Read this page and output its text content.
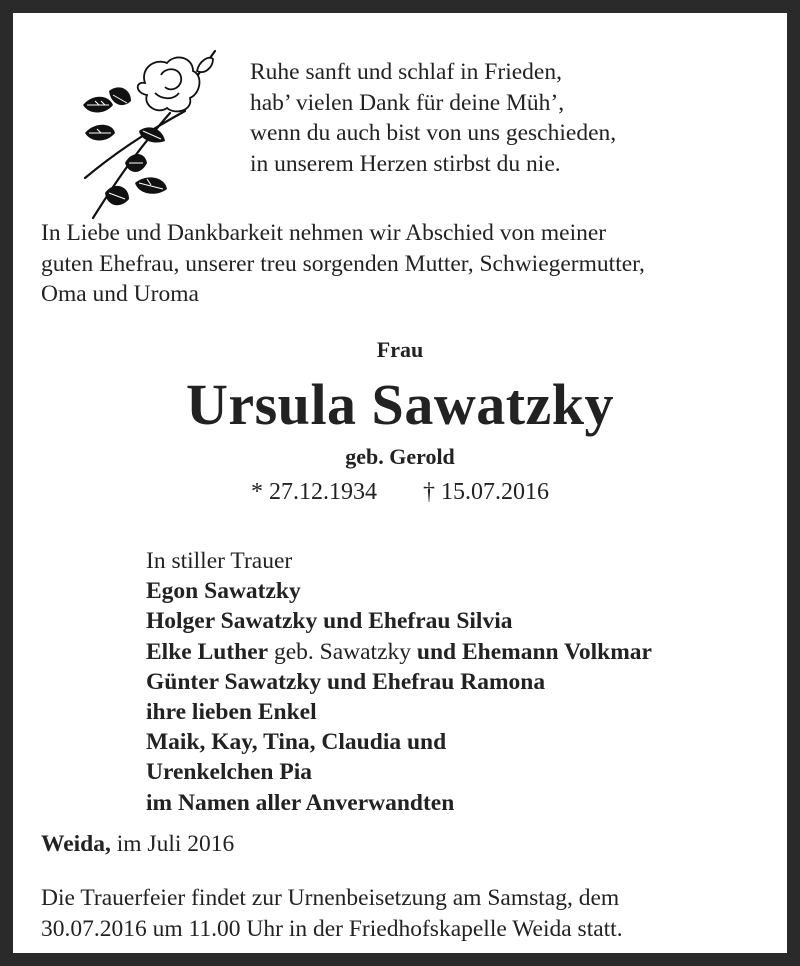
Ruhe sanft und schlaf in Frieden,
hab’ vielen Dank für deine Müh’,
wenn du auch bist von uns geschieden,
in unserem Herzen stirbst du nie.
In Liebe und Dankbarkeit nehmen wir Abschied von meiner
guten Ehefrau, unserer treu sorgenden Mutter, Schwiegermutter,
Oma und Uroma
Frau
Ursula Sawatzky
geb. Gerold
* 27.12.1934 † 15.07.2016
In stiller Trauer
Egon Sawatzky
Holger Sawatzky und Ehefrau Silvia
Elke Luther geb. Sawatzky und Ehemann Volkmar
Günter Sawatzky und Ehefrau Ramona
ihre lieben Enkel
Maik, Kay, Tina, Claudia und
Urenkelchen Pia
im Namen aller Anverwandten
Weida, im Juli 2016
Die Trauerfeier findet zur Urnenbeisetzung am Samstag, dem
30.07.2016 um 11.00 Uhr in der Friedhofskapelle Weida statt.
